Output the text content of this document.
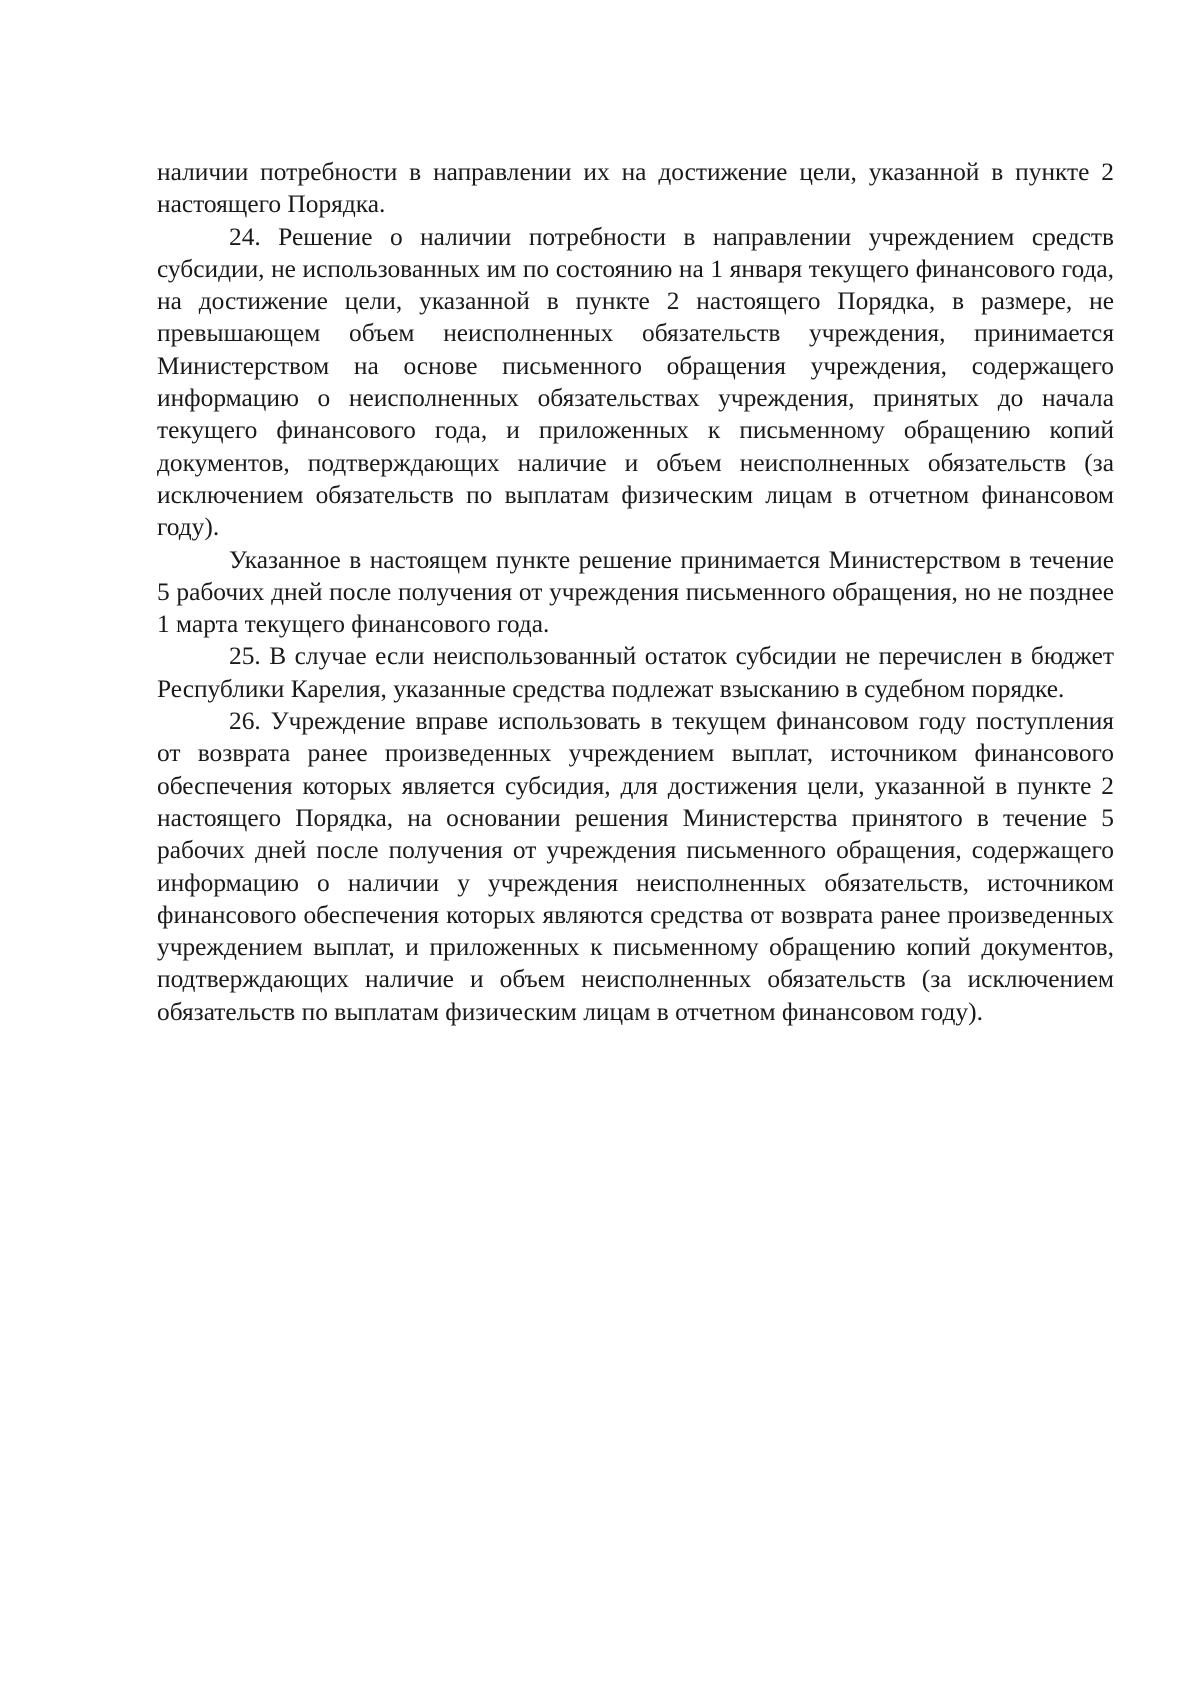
наличии потребности в направлении их на достижение цели, указанной в пункте 2 настоящего Порядка.

24. Решение о наличии потребности в направлении учреждением средств субсидии, не использованных им по состоянию на 1 января текущего финансового года, на достижение цели, указанной в пункте 2 настоящего Порядка, в размере, не превышающем объем неисполненных обязательств учреждения, принимается Министерством на основе письменного обращения учреждения, содержащего информацию о неисполненных обязательствах учреждения, принятых до начала текущего финансового года, и приложенных к письменному обращению копий документов, подтверждающих наличие и объем неисполненных обязательств (за исключением обязательств по выплатам физическим лицам в отчетном финансовом году).

Указанное в настоящем пункте решение принимается Министерством в течение 5 рабочих дней после получения от учреждения письменного обращения, но не позднее 1 марта текущего финансового года.

25. В случае если неиспользованный остаток субсидии не перечислен в бюджет Республики Карелия, указанные средства подлежат взысканию в судебном порядке.

26. Учреждение вправе использовать в текущем финансовом году поступления от возврата ранее произведенных учреждением выплат, источником финансового обеспечения которых является субсидия, для достижения цели, указанной в пункте 2 настоящего Порядка, на основании решения Министерства принятого в течение 5 рабочих дней после получения от учреждения письменного обращения, содержащего информацию о наличии у учреждения неисполненных обязательств, источником финансового обеспечения которых являются средства от возврата ранее произведенных учреждением выплат, и приложенных к письменному обращению копий документов, подтверждающих наличие и объем неисполненных обязательств (за исключением обязательств по выплатам физическим лицам в отчетном финансовом году).
